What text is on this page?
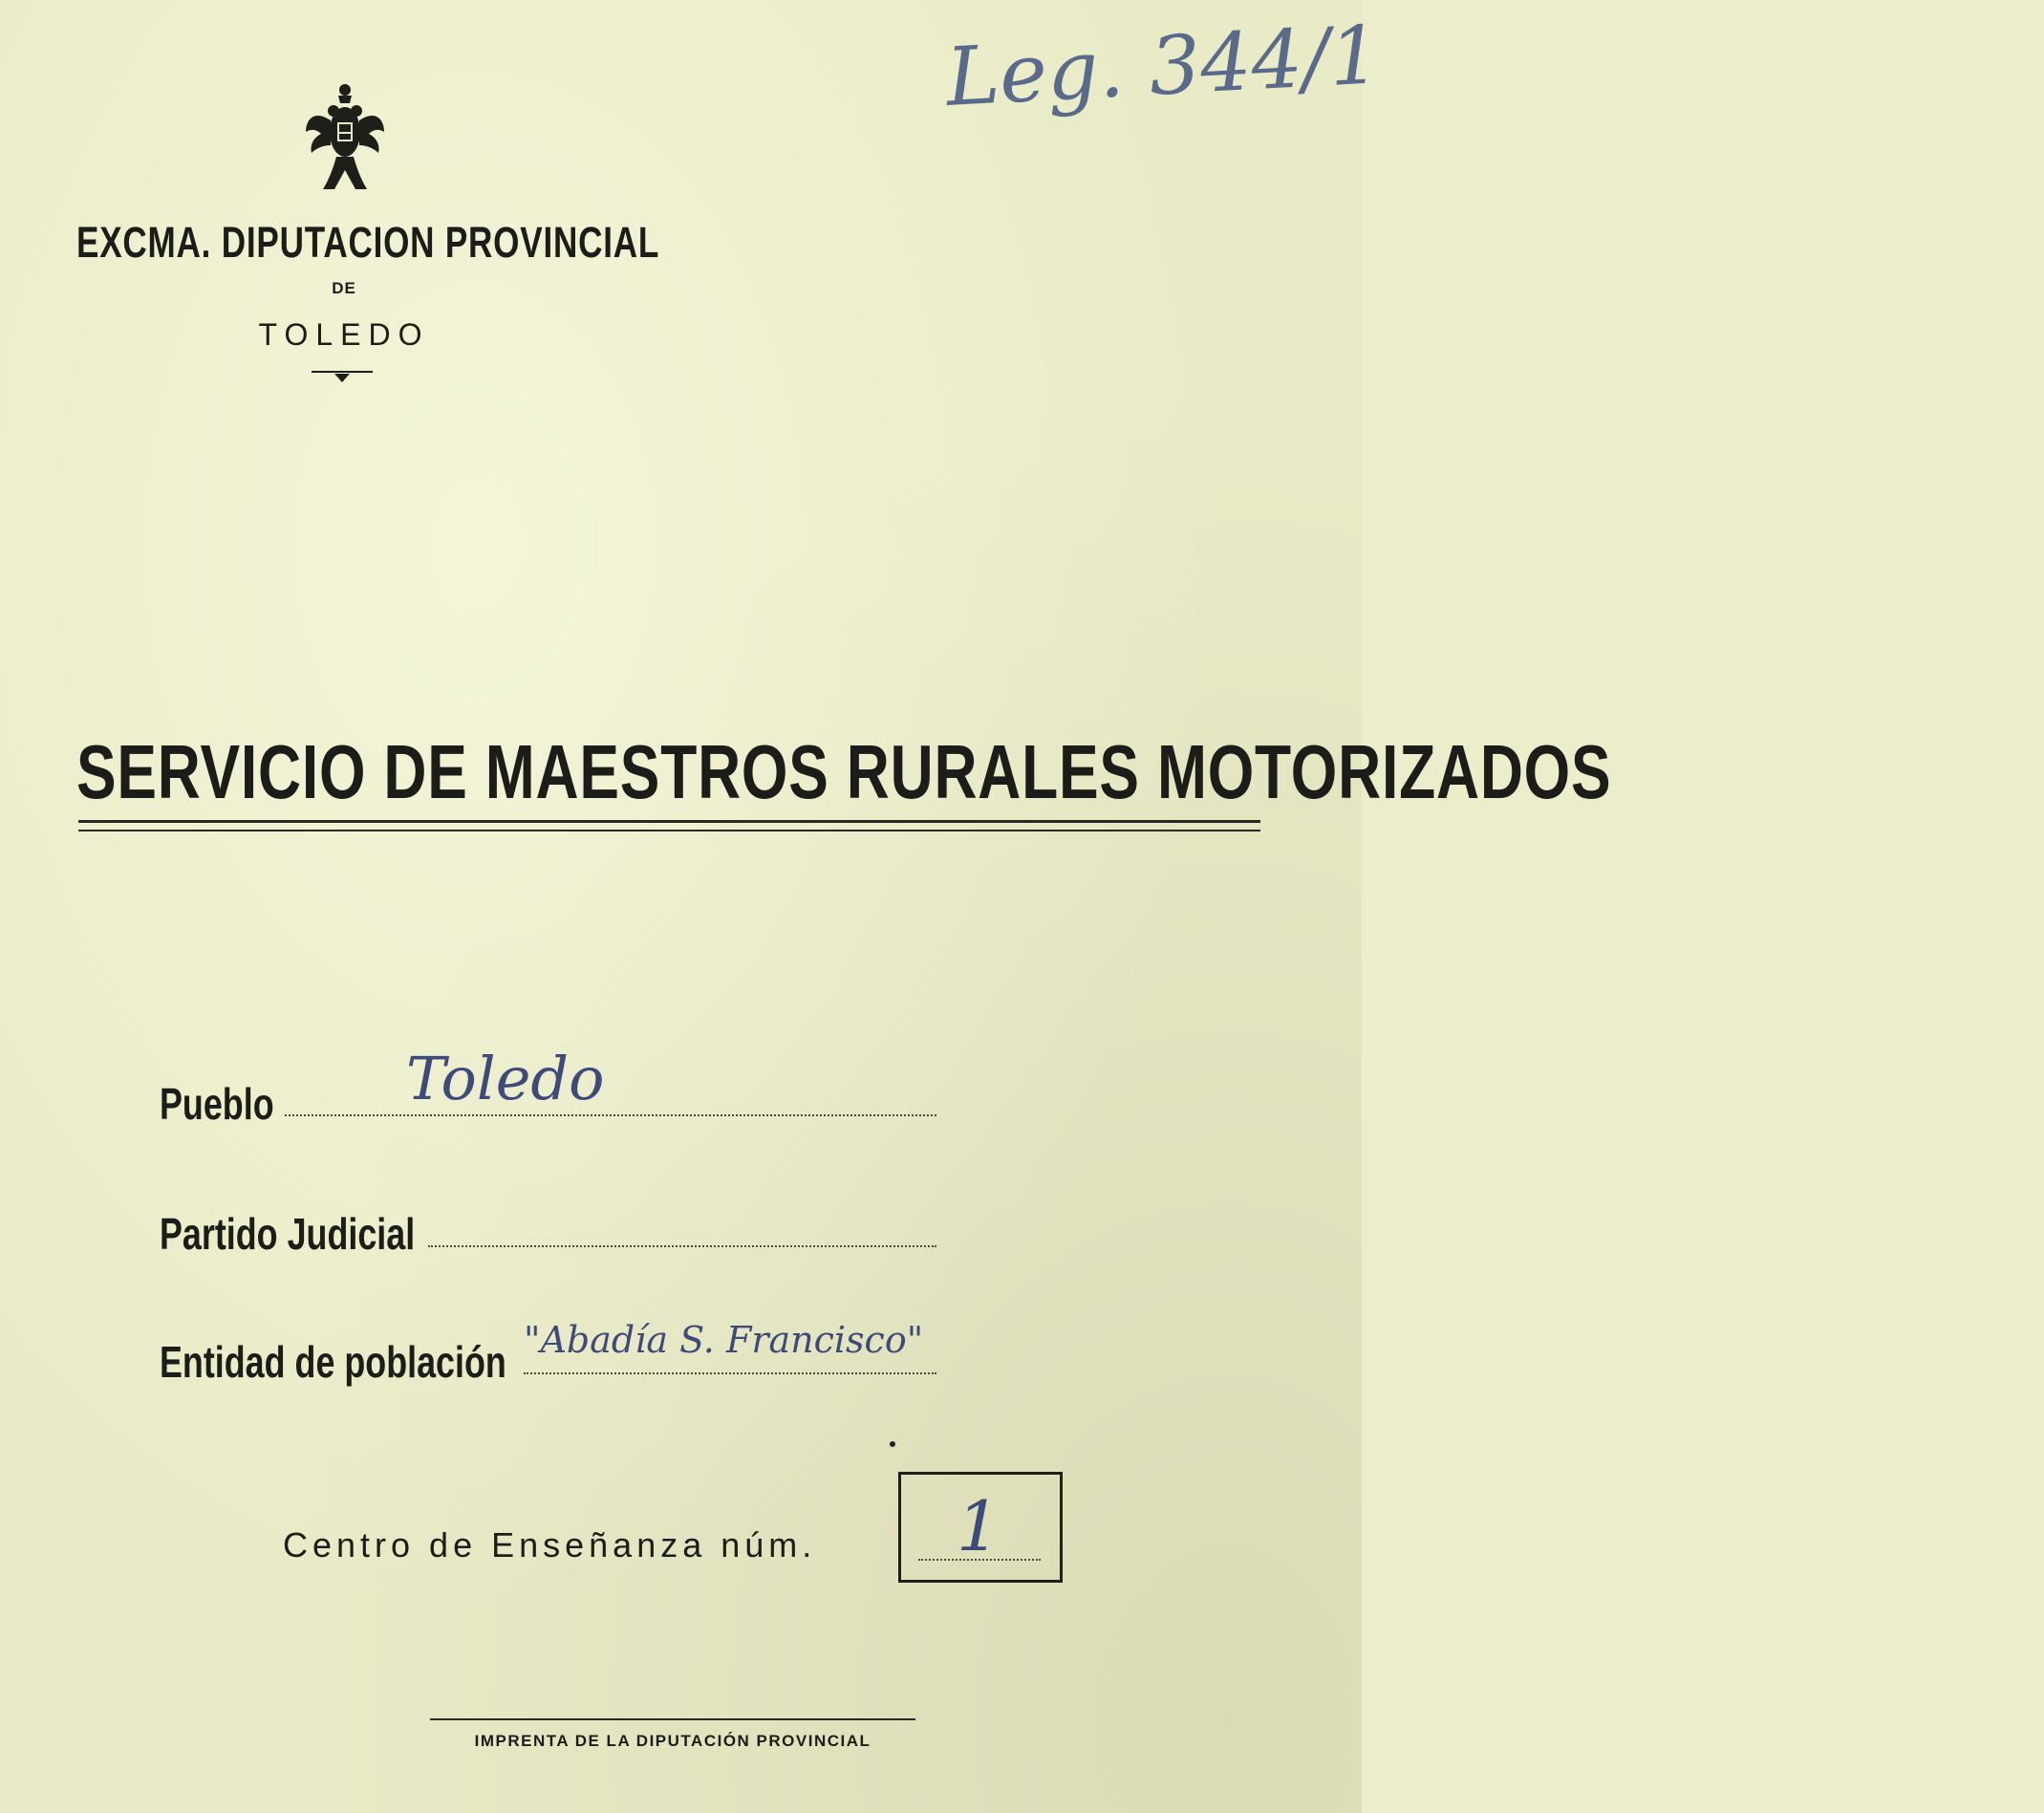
Leg. 344/1
EXCMA. DIPUTACION PROVINCIAL
DE
TOLEDO
SERVICIO DE MAESTROS RURALES MOTORIZADOS
Pueblo	Toledo
Partido Judicial
Entidad de población "Abadía S. Francisco"
Centro de Enseñanza núm. 1
IMPRENTA DE LA DIPUTACIÓN PROVINCIAL
